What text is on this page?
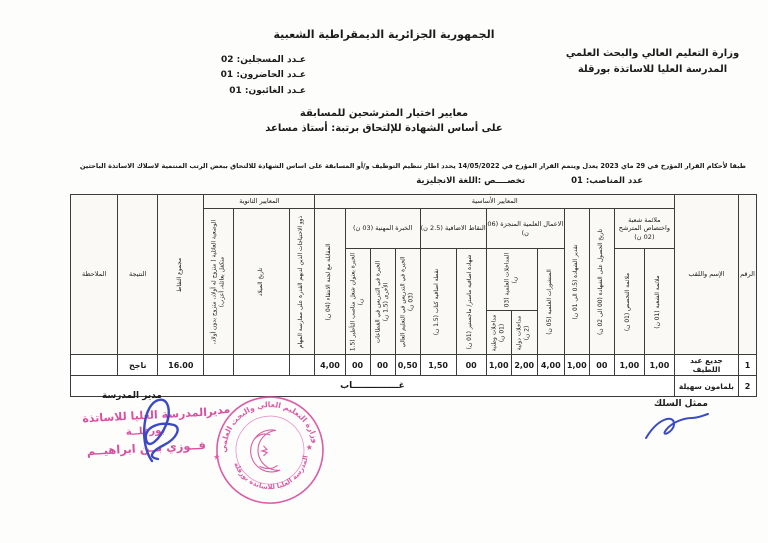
الجمهورية الجزائرية الديمقراطية الشعبية
وزارة التعليم العالي والبحث العلمي
المدرسة العليا للاساتذة بورقلة
عـدد المسجلين: 02
عـدد الحاضرون: 01
عـدد الغائبون: 01
معايير اختيار المترشحين للمسابقة
على أساس الشهادة للإلتحاق برتبة: أستاذ مساعد
طبقا لأحكام القرار المؤرخ في 29 ماي 2023 يعدل ويتمم القرار المؤرخ في 14/05/2022 يحدد اطار تنظيم التوظيف و/أو المسابقة على اساس الشهادة للالتحاق ببعض الرتب المنتمية لاسلاك الاساتذة الباحثين
عدد المناصب: 01
تخصــــص :اللغة الانجليزية
الرقم	الإسم واللقب	المعايير الأساسية													المعايير الثانوية			مجموع النقاط	النتيجة	الملاحظة
		ملائمة شعبة واختصاص المترشح (02 ن)		تاريخ الحصول على الشهادة (00 الى 02 ن)	تقدير الشهادة (0.5 الى 01 ن)	الاعمال العلمية المنجزة (06 ن)			النقاط الاضافية (2.5 ن)		الخبرة المهنية (03 ن)			المقابلة مع لجنة الانتقاء (04 ن)	ذوو الاحتياجات الذين لديهم القدرة على ممارسة المهام	تاريخ الميلاد	الوضعية العائلية ( متزوج له أولاد، متزوج بدون أولاد، متكفل بعائلة، أعزب)			

		ملائمة الشعبة (01 ن)	ملائمة التخصص (01 ن)			المنشورات العلمية (05 ن)	المداخلات العلمية (03 ن)		شهادة اضافية ماستر/ ماجستير (01 ن)	نقطة اضافية كتاب (1.5 ن)	الخبرة في التدريس في التعليم العالي (03 ن)	الخبرة في التدريس في القطاعات الأخرى (1.5 ن)	الخبرة بعنوان شغل مناصب التأطير (1.5 ن)							

							مداخلات دولية (2 ن)	مداخلات وطنية (01 ن)												

1	جديع عبد اللطيف	1,00	1,00	00	1,00	4,00	2,00	1,00	00	1,50	0,50	00	00	4,00				16.00	ناجح	
2	بلمامون سهيلة	غـــــــــــــــاب																		
مدير المدرسة
ممثل السلك
المدرسة العليا للاساتذة
بورقلــة
فــوزي بــن ابراهيــم
مدير
وزارة التعليم العالي والبحث العلمي
المدرسة العليا للاساتذة بورقلة
★
★
